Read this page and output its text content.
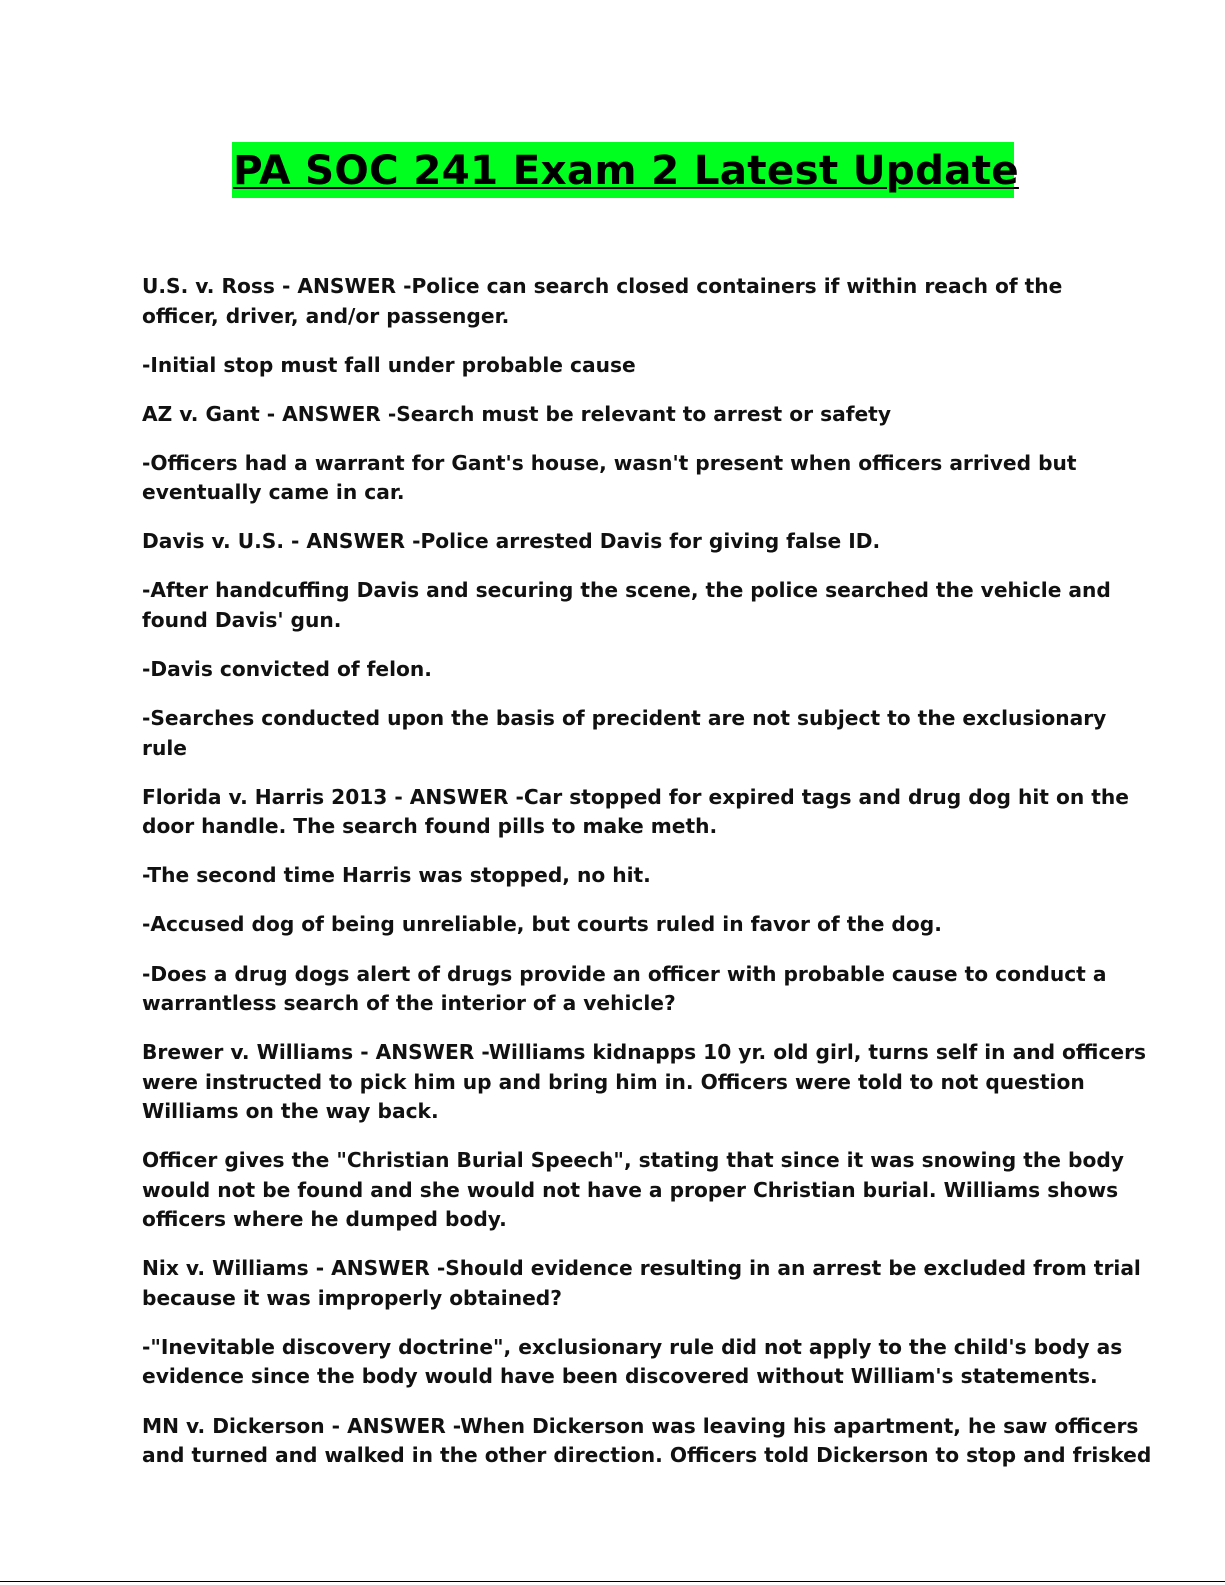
PA SOC 241 Exam 2 Latest Update

U.S. v. Ross - ANSWER -Police can search closed containers if within reach of the
officer, driver, and/or passenger.

-Initial stop must fall under probable cause

AZ v. Gant - ANSWER -Search must be relevant to arrest or safety

-Officers had a warrant for Gant's house, wasn't present when officers arrived but
eventually came in car.

Davis v. U.S. - ANSWER -Police arrested Davis for giving false ID.

-After handcuffing Davis and securing the scene, the police searched the vehicle and
found Davis' gun.

-Davis convicted of felon.

-Searches conducted upon the basis of precident are not subject to the exclusionary
rule

Florida v. Harris 2013 - ANSWER -Car stopped for expired tags and drug dog hit on the
door handle. The search found pills to make meth.

-The second time Harris was stopped, no hit.

-Accused dog of being unreliable, but courts ruled in favor of the dog.

-Does a drug dogs alert of drugs provide an officer with probable cause to conduct a
warrantless search of the interior of a vehicle?

Brewer v. Williams - ANSWER -Williams kidnapps 10 yr. old girl, turns self in and officers
were instructed to pick him up and bring him in. Officers were told to not question
Williams on the way back.

Officer gives the "Christian Burial Speech", stating that since it was snowing the body
would not be found and she would not have a proper Christian burial. Williams shows
officers where he dumped body.

Nix v. Williams - ANSWER -Should evidence resulting in an arrest be excluded from trial
because it was improperly obtained?

-"Inevitable discovery doctrine", exclusionary rule did not apply to the child's body as
evidence since the body would have been discovered without William's statements.

MN v. Dickerson - ANSWER -When Dickerson was leaving his apartment, he saw officers
and turned and walked in the other direction. Officers told Dickerson to stop and frisked
